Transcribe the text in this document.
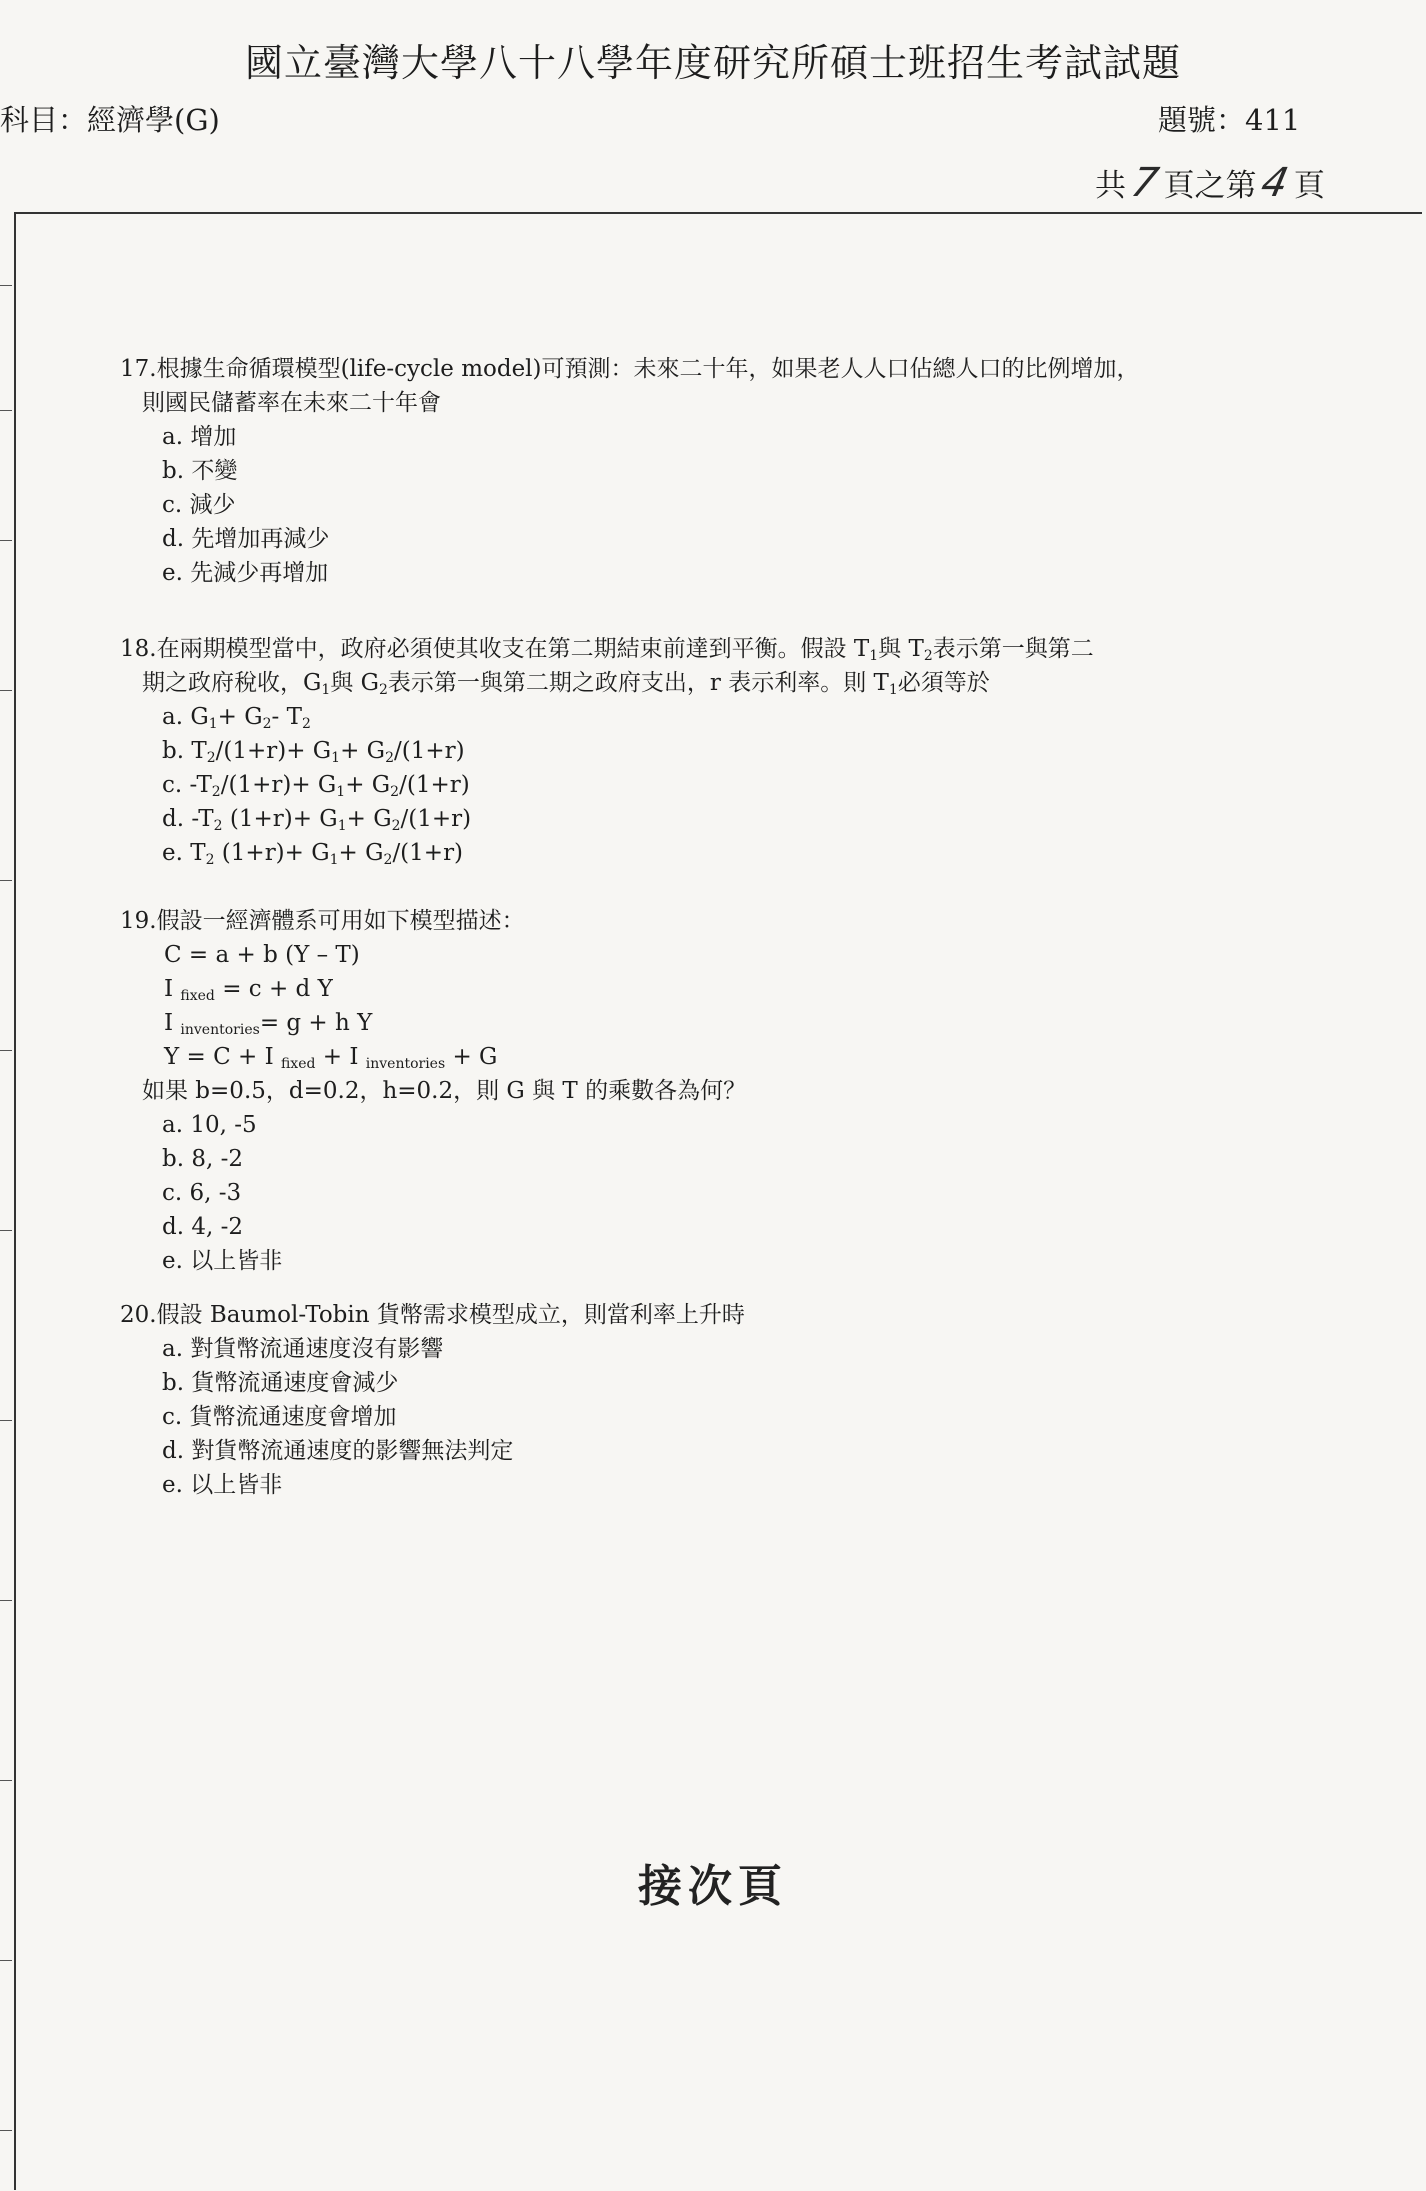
國立臺灣大學八十八學年度研究所碩士班招生考試試題
科目：經濟學(G)	題號：411
共7頁之第4頁

17.根據生命循環模型(life-cycle model)可預測：未來二十年，如果老人人口佔總人口的比例增加，

則國民儲蓄率在未來二十年會

a. 增加
b. 不變
c. 減少
d. 先增加再減少
e. 先減少再增加

18.在兩期模型當中，政府必須使其收支在第二期結束前達到平衡。假設 $T_1$與 $T_2$表示第一與第二

期之政府稅收，$G_1$與 $G_2$表示第一與第二期之政府支出，r 表示利率。則 $T_1$必須等於

a. $G_1+ G_2-$ $T_2$
b. $T_2/(1+r)+ G_1+ G_2/(1+r)$
c. $-T_2/(1+r)+ G_1+ G_2/(1+r)$
d. $-T_2$ $(1+r)+ G_1+ G_2/(1+r)$
e. $T_2$ $(1+r)+ G_1+ G_2/(1+r)$

19.假設一經濟體系可用如下模型描述：

C = a + b (Y – T)
I $_{fixed}$ = c + d Y
I $_{inventories}$= g + h Y
Y = C + I $_{fixed}$ + I $_{inventories}$ + G

如果 b=0.5，d=0.2，h=0.2，則 G 與 T 的乘數各為何？

a. 10, -5
b. 8, -2
c. 6, -3
d. 4, -2
e. 以上皆非

20.假設 Baumol-Tobin 貨幣需求模型成立，則當利率上升時

a. 對貨幣流通速度沒有影響
b. 貨幣流通速度會減少
c. 貨幣流通速度會增加
d. 對貨幣流通速度的影響無法判定
e. 以上皆非
接次頁
